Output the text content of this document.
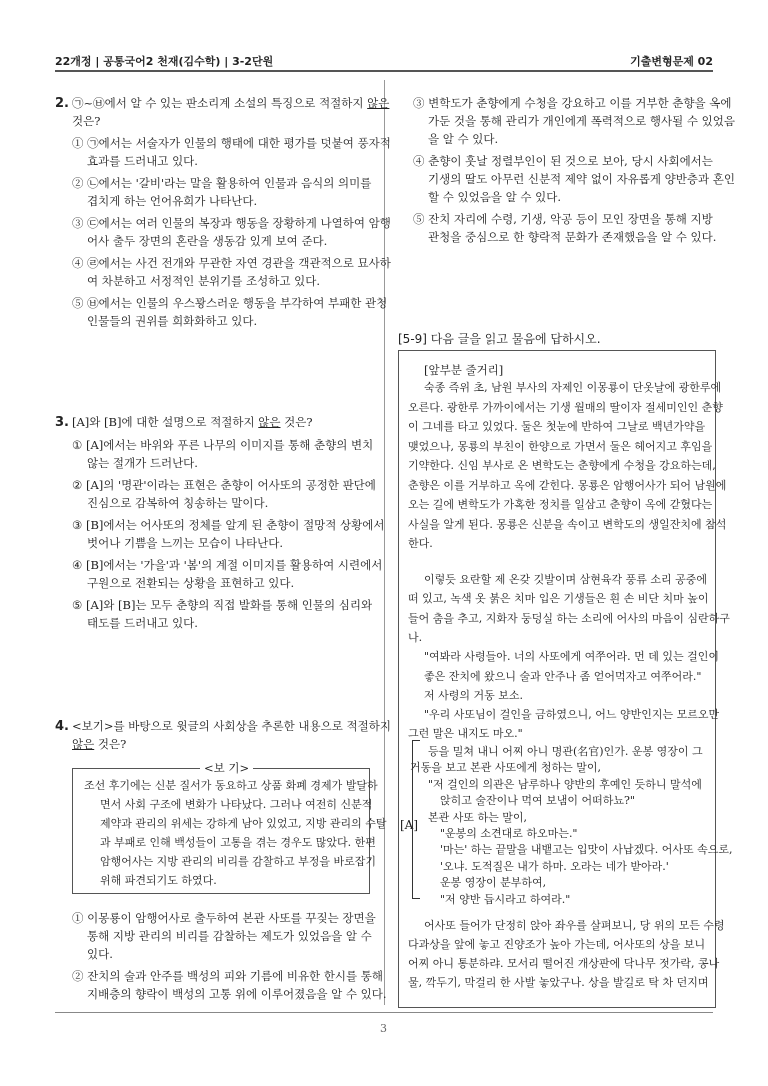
22개정 | 공통국어2 천재(김수학) | 3-2단원	기출변형문제 02
2. ㉠~㉥에서 알 수 있는 판소리계 소설의 특징으로 적절하지 않은
것은?
① ㉠에서는 서술자가 인물의 행태에 대한 평가를 덧붙여 풍자적
효과를 드러내고 있다.
② ㉡에서는 '갈비'라는 말을 활용하여 인물과 음식의 의미를
겹치게 하는 언어유희가 나타난다.
③ ㉢에서는 여러 인물의 복장과 행동을 장황하게 나열하여 암행
어사 출두 장면의 혼란을 생동감 있게 보여 준다.
④ ㉣에서는 사건 전개와 무관한 자연 경관을 객관적으로 묘사하
여 차분하고 서정적인 분위기를 조성하고 있다.
⑤ ㉥에서는 인물의 우스꽝스러운 행동을 부각하여 부패한 관청
인물들의 권위를 희화화하고 있다.
3. [A]와 [B]에 대한 설명으로 적절하지 않은 것은?
① [A]에서는 바위와 푸른 나무의 이미지를 통해 춘향의 변치
않는 절개가 드러난다.
② [A]의 '명관'이라는 표현은 춘향이 어사또의 공정한 판단에
진심으로 감복하여 칭송하는 말이다.
③ [B]에서는 어사또의 정체를 알게 된 춘향이 절망적 상황에서
벗어나 기쁨을 느끼는 모습이 나타난다.
④ [B]에서는 '가을'과 '봄'의 계절 이미지를 활용하여 시련에서
구원으로 전환되는 상황을 표현하고 있다.
⑤ [A]와 [B]는 모두 춘향의 직접 발화를 통해 인물의 심리와
태도를 드러내고 있다.
4. <보기>를 바탕으로 윗글의 사회상을 추론한 내용으로 적절하지
않은 것은?
<보 기>
조선 후기에는 신분 질서가 동요하고 상품 화폐 경제가 발달하
면서 사회 구조에 변화가 나타났다. 그러나 여전히 신분적
제약과 관리의 위세는 강하게 남아 있었고, 지방 관리의 수탈
과 부패로 인해 백성들이 고통을 겪는 경우도 많았다. 한편
암행어사는 지방 관리의 비리를 감찰하고 부정을 바로잡기
위해 파견되기도 하였다.
① 이몽룡이 암행어사로 출두하여 본관 사또를 꾸짖는 장면을
통해 지방 관리의 비리를 감찰하는 제도가 있었음을 알 수
있다.
② 잔치의 술과 안주를 백성의 피와 기름에 비유한 한시를 통해
지배층의 향락이 백성의 고통 위에 이루어졌음을 알 수 있다.
③ 변학도가 춘향에게 수청을 강요하고 이를 거부한 춘향을 옥에
가둔 것을 통해 관리가 개인에게 폭력적으로 행사될 수 있었음
을 알 수 있다.
④ 춘향이 훗날 정렬부인이 된 것으로 보아, 당시 사회에서는
기생의 딸도 아무런 신분적 제약 없이 자유롭게 양반층과 혼인
할 수 있었음을 알 수 있다.
⑤ 잔치 자리에 수령, 기생, 악공 등이 모인 장면을 통해 지방
관청을 중심으로 한 향락적 문화가 존재했음을 알 수 있다.
[5-9] 다음 글을 읽고 물음에 답하시오.
[앞부분 줄거리]
숙종 즉위 초, 남원 부사의 자제인 이몽룡이 단옷날에 광한루에
오른다. 광한루 가까이에서는 기생 월매의 딸이자 절세미인인 춘향
이 그네를 타고 있었다. 둘은 첫눈에 반하여 그날로 백년가약을
맺었으나, 몽룡의 부친이 한양으로 가면서 둘은 헤어지고 후임을
기약한다. 신임 부사로 온 변학도는 춘향에게 수청을 강요하는데,
춘향은 이를 거부하고 옥에 갇힌다. 몽룡은 암행어사가 되어 남원에
오는 길에 변학도가 가혹한 정치를 일삼고 춘향이 옥에 갇혔다는
사실을 알게 된다. 몽룡은 신분을 속이고 변학도의 생일잔치에 참석
한다.
이렇듯 요란할 제 온갖 깃발이며 삼현육각 풍류 소리 공중에
떠 있고, 녹색 옷 붉은 치마 입은 기생들은 흰 손 비단 치마 높이
들어 춤을 추고, 지화자 둥덩실 하는 소리에 어사의 마음이 심란하구
나.
"여봐라 사령들아. 너의 사또에게 여쭈어라. 먼 데 있는 걸인이
좋은 잔치에 왔으니 술과 안주나 좀 얻어먹자고 여쭈어라."
저 사령의 거동 보소.
"우리 사또님이 걸인을 금하였으니, 어느 양반인지는 모르오만
그런 말은 내지도 마오."
등을 밀쳐 내니 어찌 아니 명관(名官)인가. 운봉 영장이 그
거동을 보고 본관 사또에게 청하는 말이,
"저 걸인의 의관은 남루하나 양반의 후예인 듯하니 말석에
앉히고 술잔이나 먹여 보냄이 어떠하뇨?"
본관 사또 하는 말이,
"운봉의 소견대로 하오마는."
'마는' 하는 끝말을 내뱉고는 입맛이 사납겠다. 어사또 속으로,
'오냐. 도적질은 내가 하마. 오라는 네가 받아라.'
운봉 영장이 분부하여,
"저 양반 듭시라고 하여라."
어사또 들어가 단정히 앉아 좌우를 살펴보니, 당 위의 모든 수령
다과상을 앞에 놓고 진양조가 높아 가는데, 어사또의 상을 보니
어찌 아니 통분하랴. 모서리 떨어진 개상판에 닥나무 젓가락, 콩나
물, 깍두기, 막걸리 한 사발 놓았구나. 상을 발길로 탁 차 던지며
[A]
3
